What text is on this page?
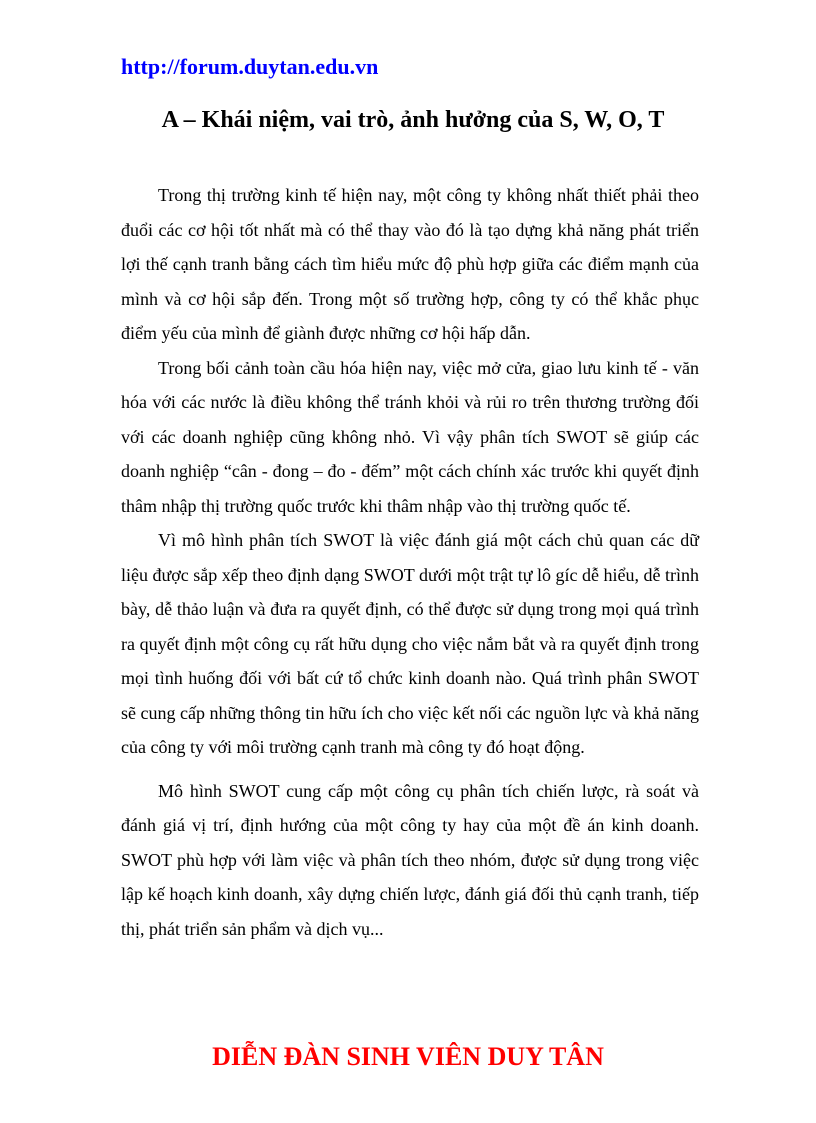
http://forum.duytan.edu.vn

A – Khái niệm, vai trò, ảnh hưởng của S, W, O, T

Trong thị trường kinh tế hiện nay, một công ty không nhất thiết phải theo đuổi các cơ hội tốt nhất mà có thể thay vào đó là tạo dựng khả năng phát triển lợi thế cạnh tranh bằng cách tìm hiểu mức độ phù hợp giữa các điểm mạnh của mình và cơ hội sắp đến. Trong một số trường hợp, công ty có thể khắc phục điểm yếu của mình để giành được những cơ hội hấp dẫn.

Trong bối cảnh toàn cầu hóa hiện nay, việc mở cửa, giao lưu kinh tế - văn hóa với các nước là điều không thể tránh khỏi và rủi ro trên thương trường đối với các doanh nghiệp cũng không nhỏ. Vì vậy phân tích SWOT sẽ giúp các doanh nghiệp “cân - đong – đo - đếm” một cách chính xác trước khi quyết định thâm nhập thị trường quốc trước khi thâm nhập vào thị trường quốc tế.

Vì mô hình phân tích SWOT là việc đánh giá một cách chủ quan các dữ liệu được sắp xếp theo định dạng SWOT dưới một trật tự lô gíc dễ hiểu, dễ trình bày, dễ thảo luận và đưa ra quyết định, có thể được sử dụng trong mọi quá trình ra quyết định một công cụ rất hữu dụng cho việc nắm bắt và ra quyết định trong mọi tình huống đối với bất cứ tổ chức kinh doanh nào. Quá trình phân SWOT sẽ cung cấp những thông tin hữu ích cho việc kết nối các nguồn lực và khả năng của công ty với môi trường cạnh tranh mà công ty đó hoạt động.

Mô hình SWOT cung cấp một công cụ phân tích chiến lược, rà soát và đánh giá vị trí, định hướng của một công ty hay của một đề án kinh doanh. SWOT phù hợp với làm việc và phân tích theo nhóm, được sử dụng trong việc lập kế hoạch kinh doanh, xây dựng chiến lược, đánh giá đối thủ cạnh tranh, tiếp thị, phát triển sản phẩm và dịch vụ...

DIỄN ĐÀN SINH VIÊN DUY TÂN
